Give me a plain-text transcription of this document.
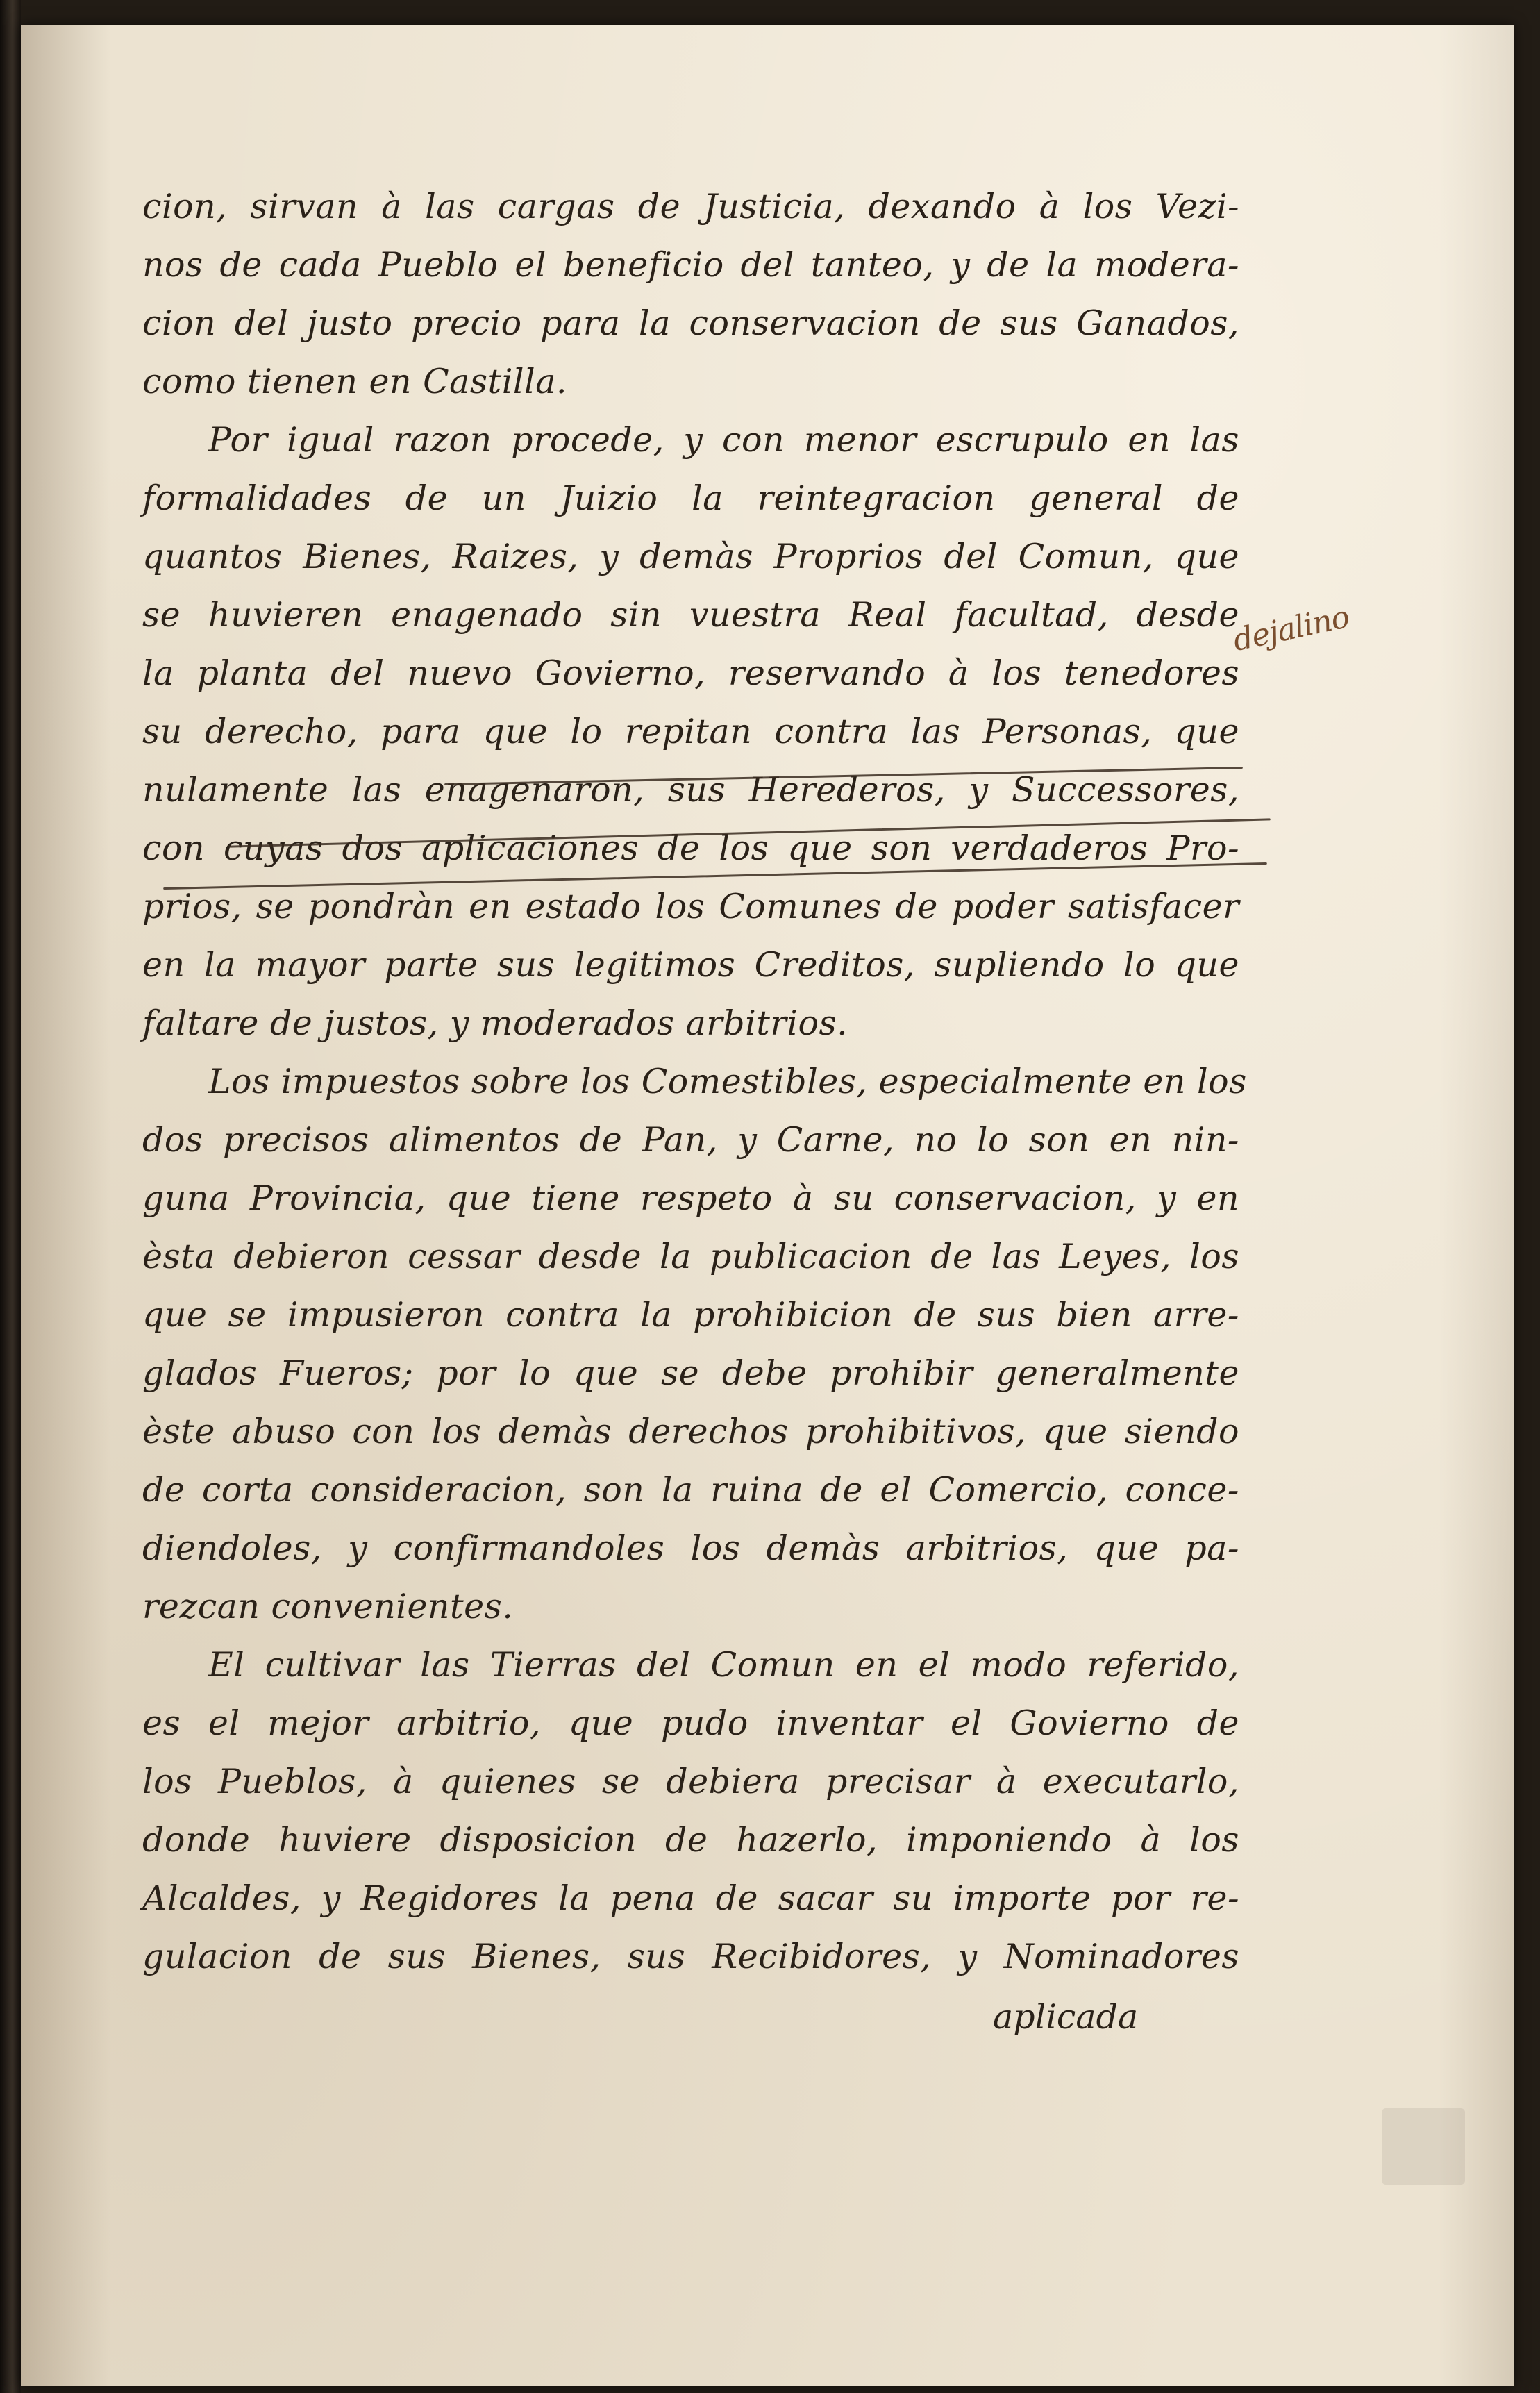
cion, sirvan à las cargas de Justicia, dexando à los Vezi-
nos de cada Pueblo el beneficio del tanteo, y de la modera-
cion del justo precio para la conservacion de sus Ganados,
como tienen en Castilla.
Por igual razon procede, y con menor escrupulo en las
formalidades de un Juizio la reintegracion general de
quantos Bienes, Raizes, y demàs Proprios del Comun, que
se huvieren enagenado sin vuestra Real facultad, desde
la planta del nuevo Govierno, reservando à los tenedores
su derecho, para que lo repitan contra las Personas, que
nulamente las enagenaron, sus Herederos, y Successores,
con cuyas dos aplicaciones de los que son verdaderos Pro-
prios, se pondràn en estado los Comunes de poder satisfacer
en la mayor parte sus legitimos Creditos, supliendo lo que
faltare de justos, y moderados arbitrios.
Los impuestos sobre los Comestibles, especialmente en los
dos precisos alimentos de Pan, y Carne, no lo son en nin-
guna Provincia, que tiene respeto à su conservacion, y en
èsta debieron cessar desde la publicacion de las Leyes, los
que se impusieron contra la prohibicion de sus bien arre-
glados Fueros; por lo que se debe prohibir generalmente
èste abuso con los demàs derechos prohibitivos, que siendo
de corta consideracion, son la ruina de el Comercio, conce-
diendoles, y confirmandoles los demàs arbitrios, que pa-
rezcan convenientes.
El cultivar las Tierras del Comun en el modo referido,
es el mejor arbitrio, que pudo inventar el Govierno de
los Pueblos, à quienes se debiera precisar à executarlo,
donde huviere disposicion de hazerlo, imponiendo à los
Alcaldes, y Regidores la pena de sacar su importe por re-
gulacion de sus Bienes, sus Recibidores, y Nominadores
dejalino
aplicada
